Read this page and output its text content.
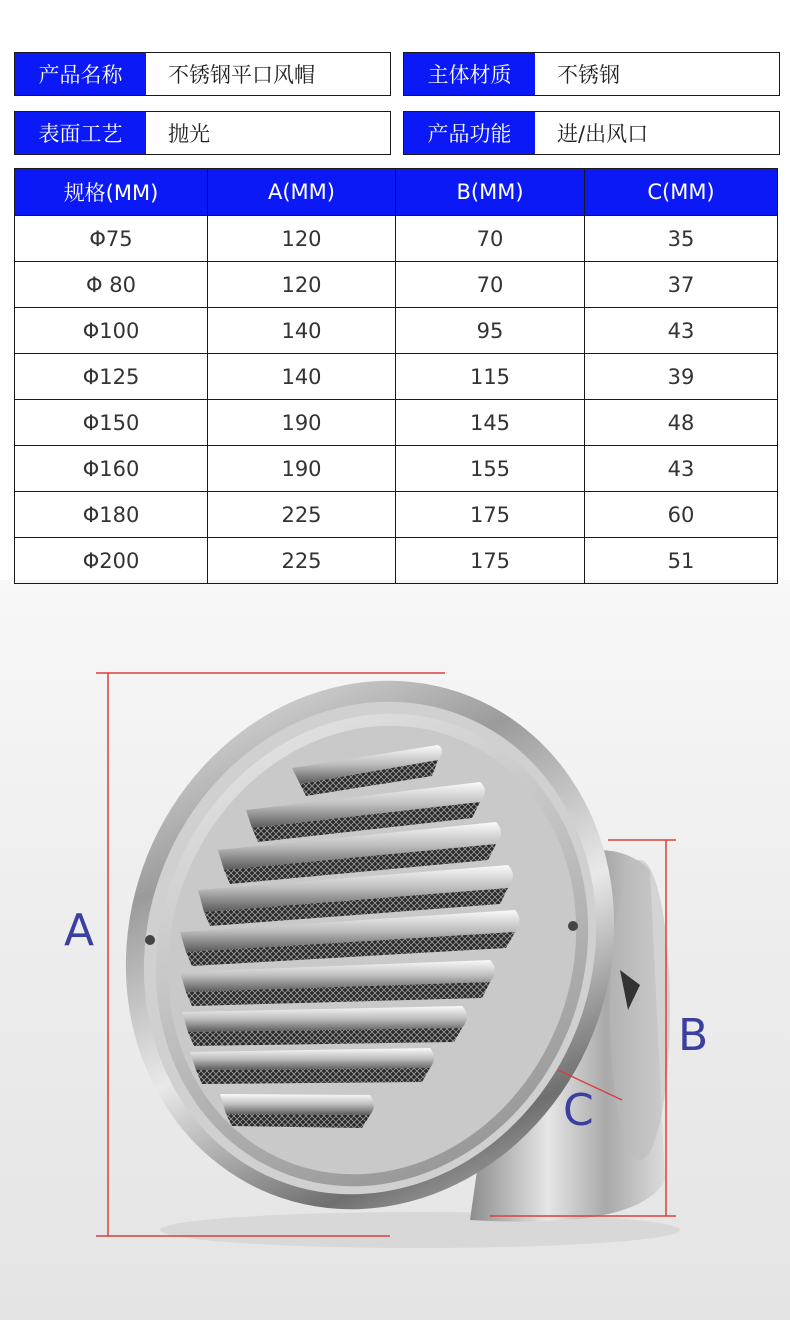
产品名称	不锈钢平口风帽	主体材质	不锈钢
表面工艺	抛光	产品功能	进/出风口
规格(MM)	A(MM)	B(MM)	C(MM)
Φ75	120	70	35
Φ 80	120	70	37
Φ100	140	95	43
Φ125	140	115	39
Φ150	190	145	48
Φ160	190	155	43
Φ180	225	175	60
Φ200	225	175	51
A
B
C
